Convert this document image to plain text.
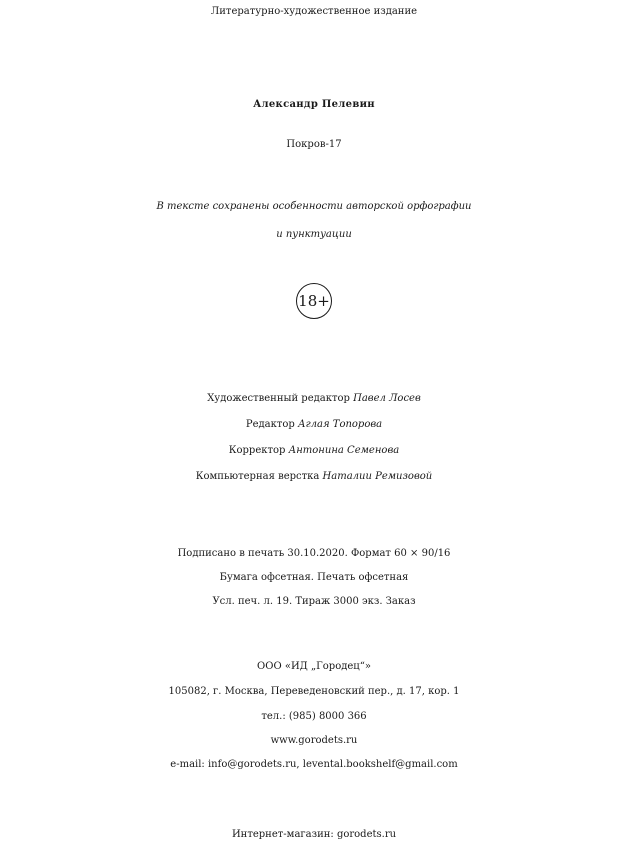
Литературно-художественное издание
Александр Пелевин
Покров-17
В тексте сохранены особенности авторской орфографии
и пунктуации
18+
Художественный редактор Павел Лосев
Редактор Аглая Топорова
Корректор Антонина Семенова
Компьютерная верстка Наталии Ремизовой
Подписано в печать 30.10.2020. Формат 60 × 90/16
Бумага офсетная. Печать офсетная
Усл. печ. л. 19. Тираж 3000 экз. Заказ
ООО «ИД „Городец“»
105082, г. Москва, Переведеновский пер., д. 17, кор. 1
тел.: (985) 8000 366
www.gorodets.ru
e-mail: info@gorodets.ru, levental.bookshelf@gmail.com
Интернет-магазин: gorodets.ru
